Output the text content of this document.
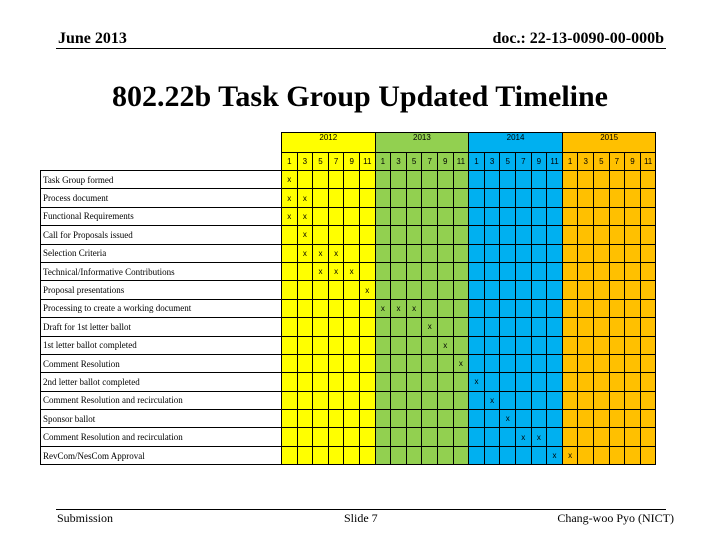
June 2013	doc.: 22-13-0090-00-000b
802.22b Task Group Updated Timeline
	2012						2013						2014						2015					
	1	3	5	7	9	11	1	3	5	7	9	11	1	3	5	7	9	11	1	3	5	7	9	11
Task Group formed	x																							
Process document	x	x																						
Functional Requirements	x	x																						
Call for Proposals issued		x																						
Selection Criteria		x	x	x																				
Technical/Informative Contributions			x	x	x																			
Proposal presentations						x																		
Processing to create a working document							x	x	x															
Draft for 1st letter ballot										x														
1st letter ballot completed											x													
Comment Resolution												x												
2nd letter ballot completed													x											
Comment Resolution and recirculation														x										
Sponsor ballot															x									
Comment Resolution and recirculation																x	x							
RevCom/NesCom Approval																		x	x					
Submission	Slide 7	Chang-woo Pyo (NICT)
